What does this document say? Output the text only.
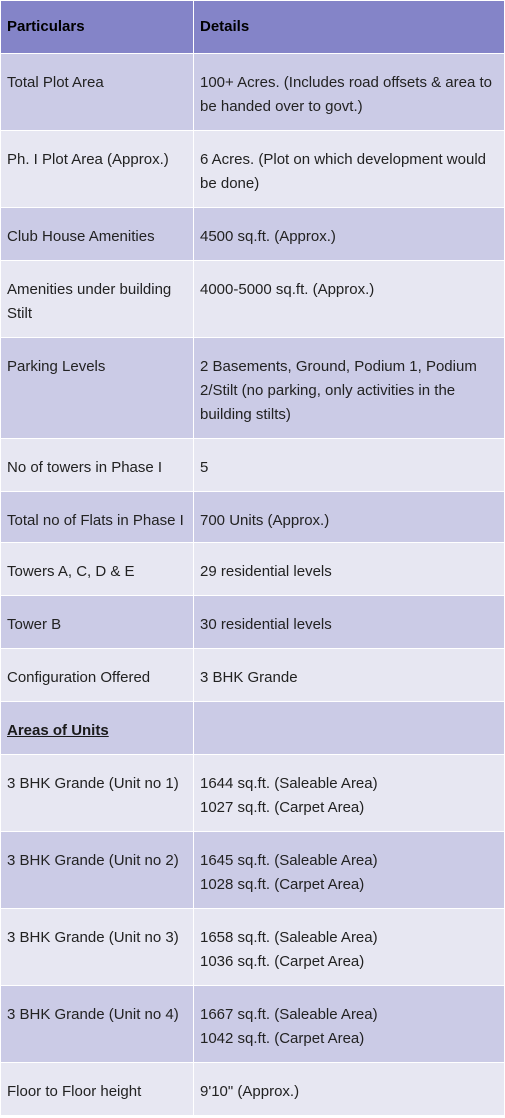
Particulars	Details
Total Plot Area	100+ Acres. (Includes road offsets & area to be handed over to govt.)

Ph. I Plot Area (Approx.)	6 Acres. (Plot on which development would be done)

Club House Amenities	4500 sq.ft. (Approx.)

Amenities under building Stilt	4000-5000 sq.ft. (Approx.)

Parking Levels	2 Basements, Ground, Podium 1, Podium 2/Stilt (no parking, only activities in the building stilts)

No of towers in Phase I	5

Total no of Flats in Phase I	700 Units (Approx.)

Towers A, C, D & E	29 residential levels

Tower B	30 residential levels

Configuration Offered	3 BHK Grande

Areas of Units	
3 BHK Grande (Unit no 1)	1644 sq.ft. (Saleable Area)
1027 sq.ft. (Carpet Area)

3 BHK Grande (Unit no 2)	1645 sq.ft. (Saleable Area)
1028 sq.ft. (Carpet Area)

3 BHK Grande (Unit no 3)	1658 sq.ft. (Saleable Area)
1036 sq.ft. (Carpet Area)

3 BHK Grande (Unit no 4)	1667 sq.ft. (Saleable Area)
1042 sq.ft. (Carpet Area)

Floor to Floor height	9'10" (Approx.)
